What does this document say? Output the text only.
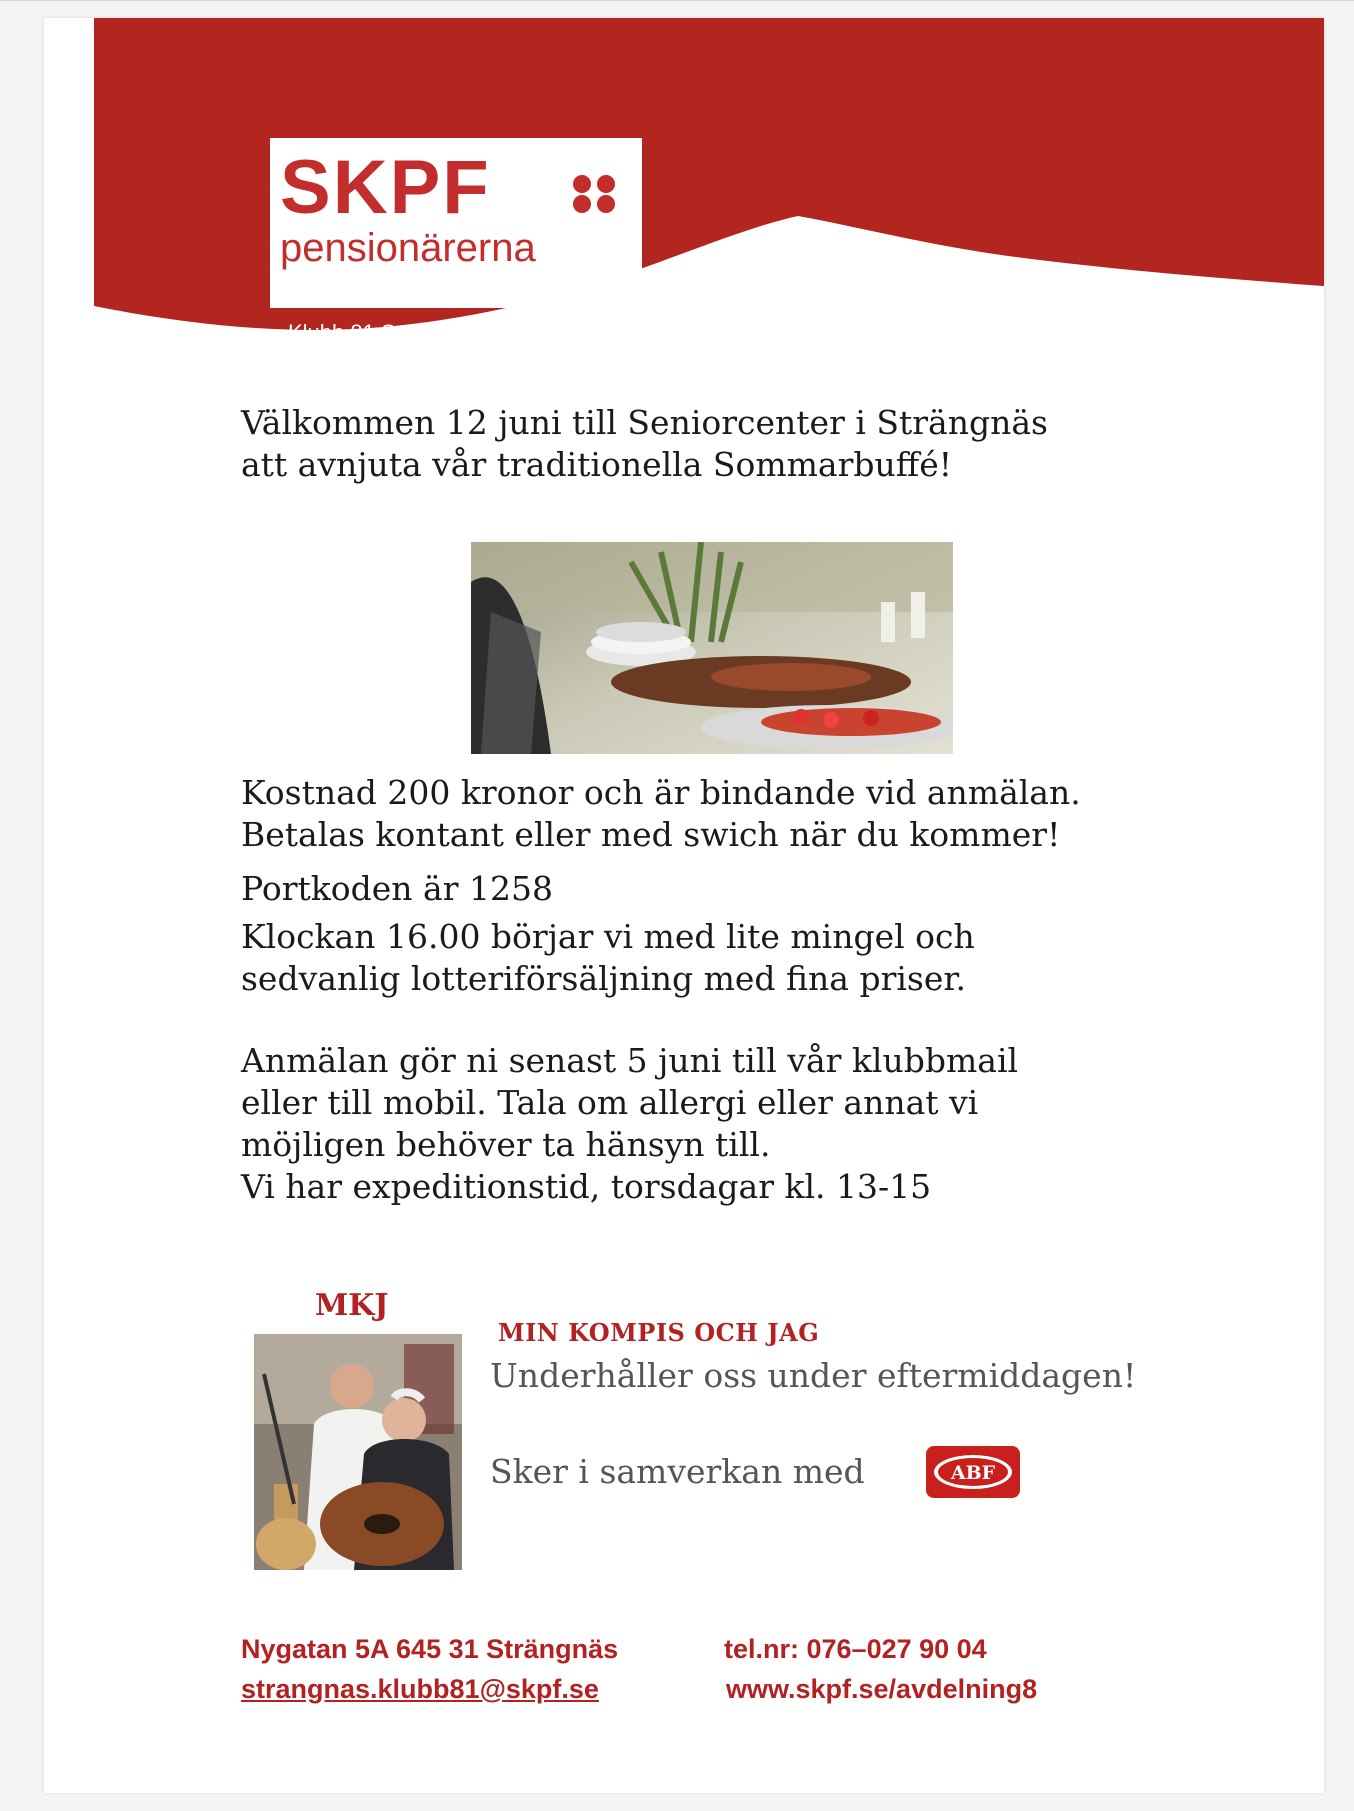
SKPF
pensionärerna
Klubb 81 Strängnäs
Välkommen 12 juni till Seniorcenter i Strängnäs
att avnjuta vår traditionella Sommarbuffé!
Kostnad 200 kronor och är bindande vid anmälan.
Betalas kontant eller med swich när du kommer!
Portkoden är 1258
Klockan 16.00 börjar vi med lite mingel och
sedvanlig lotteriförsäljning med fina priser.
Anmälan gör ni senast 5 juni till vår klubbmail
eller till mobil. Tala om allergi eller annat vi
möjligen behöver ta hänsyn till.
Vi har expeditionstid, torsdagar kl. 13-15
MKJ
MIN KOMPIS OCH JAG
Underhåller oss under eftermiddagen!
Sker i samverkan med	ABF
Nygatan 5A 645 31 Strängnäs	tel.nr: 076–027 90 04
strangnas.klubb81@skpf.se	www.skpf.se/avdelning8
